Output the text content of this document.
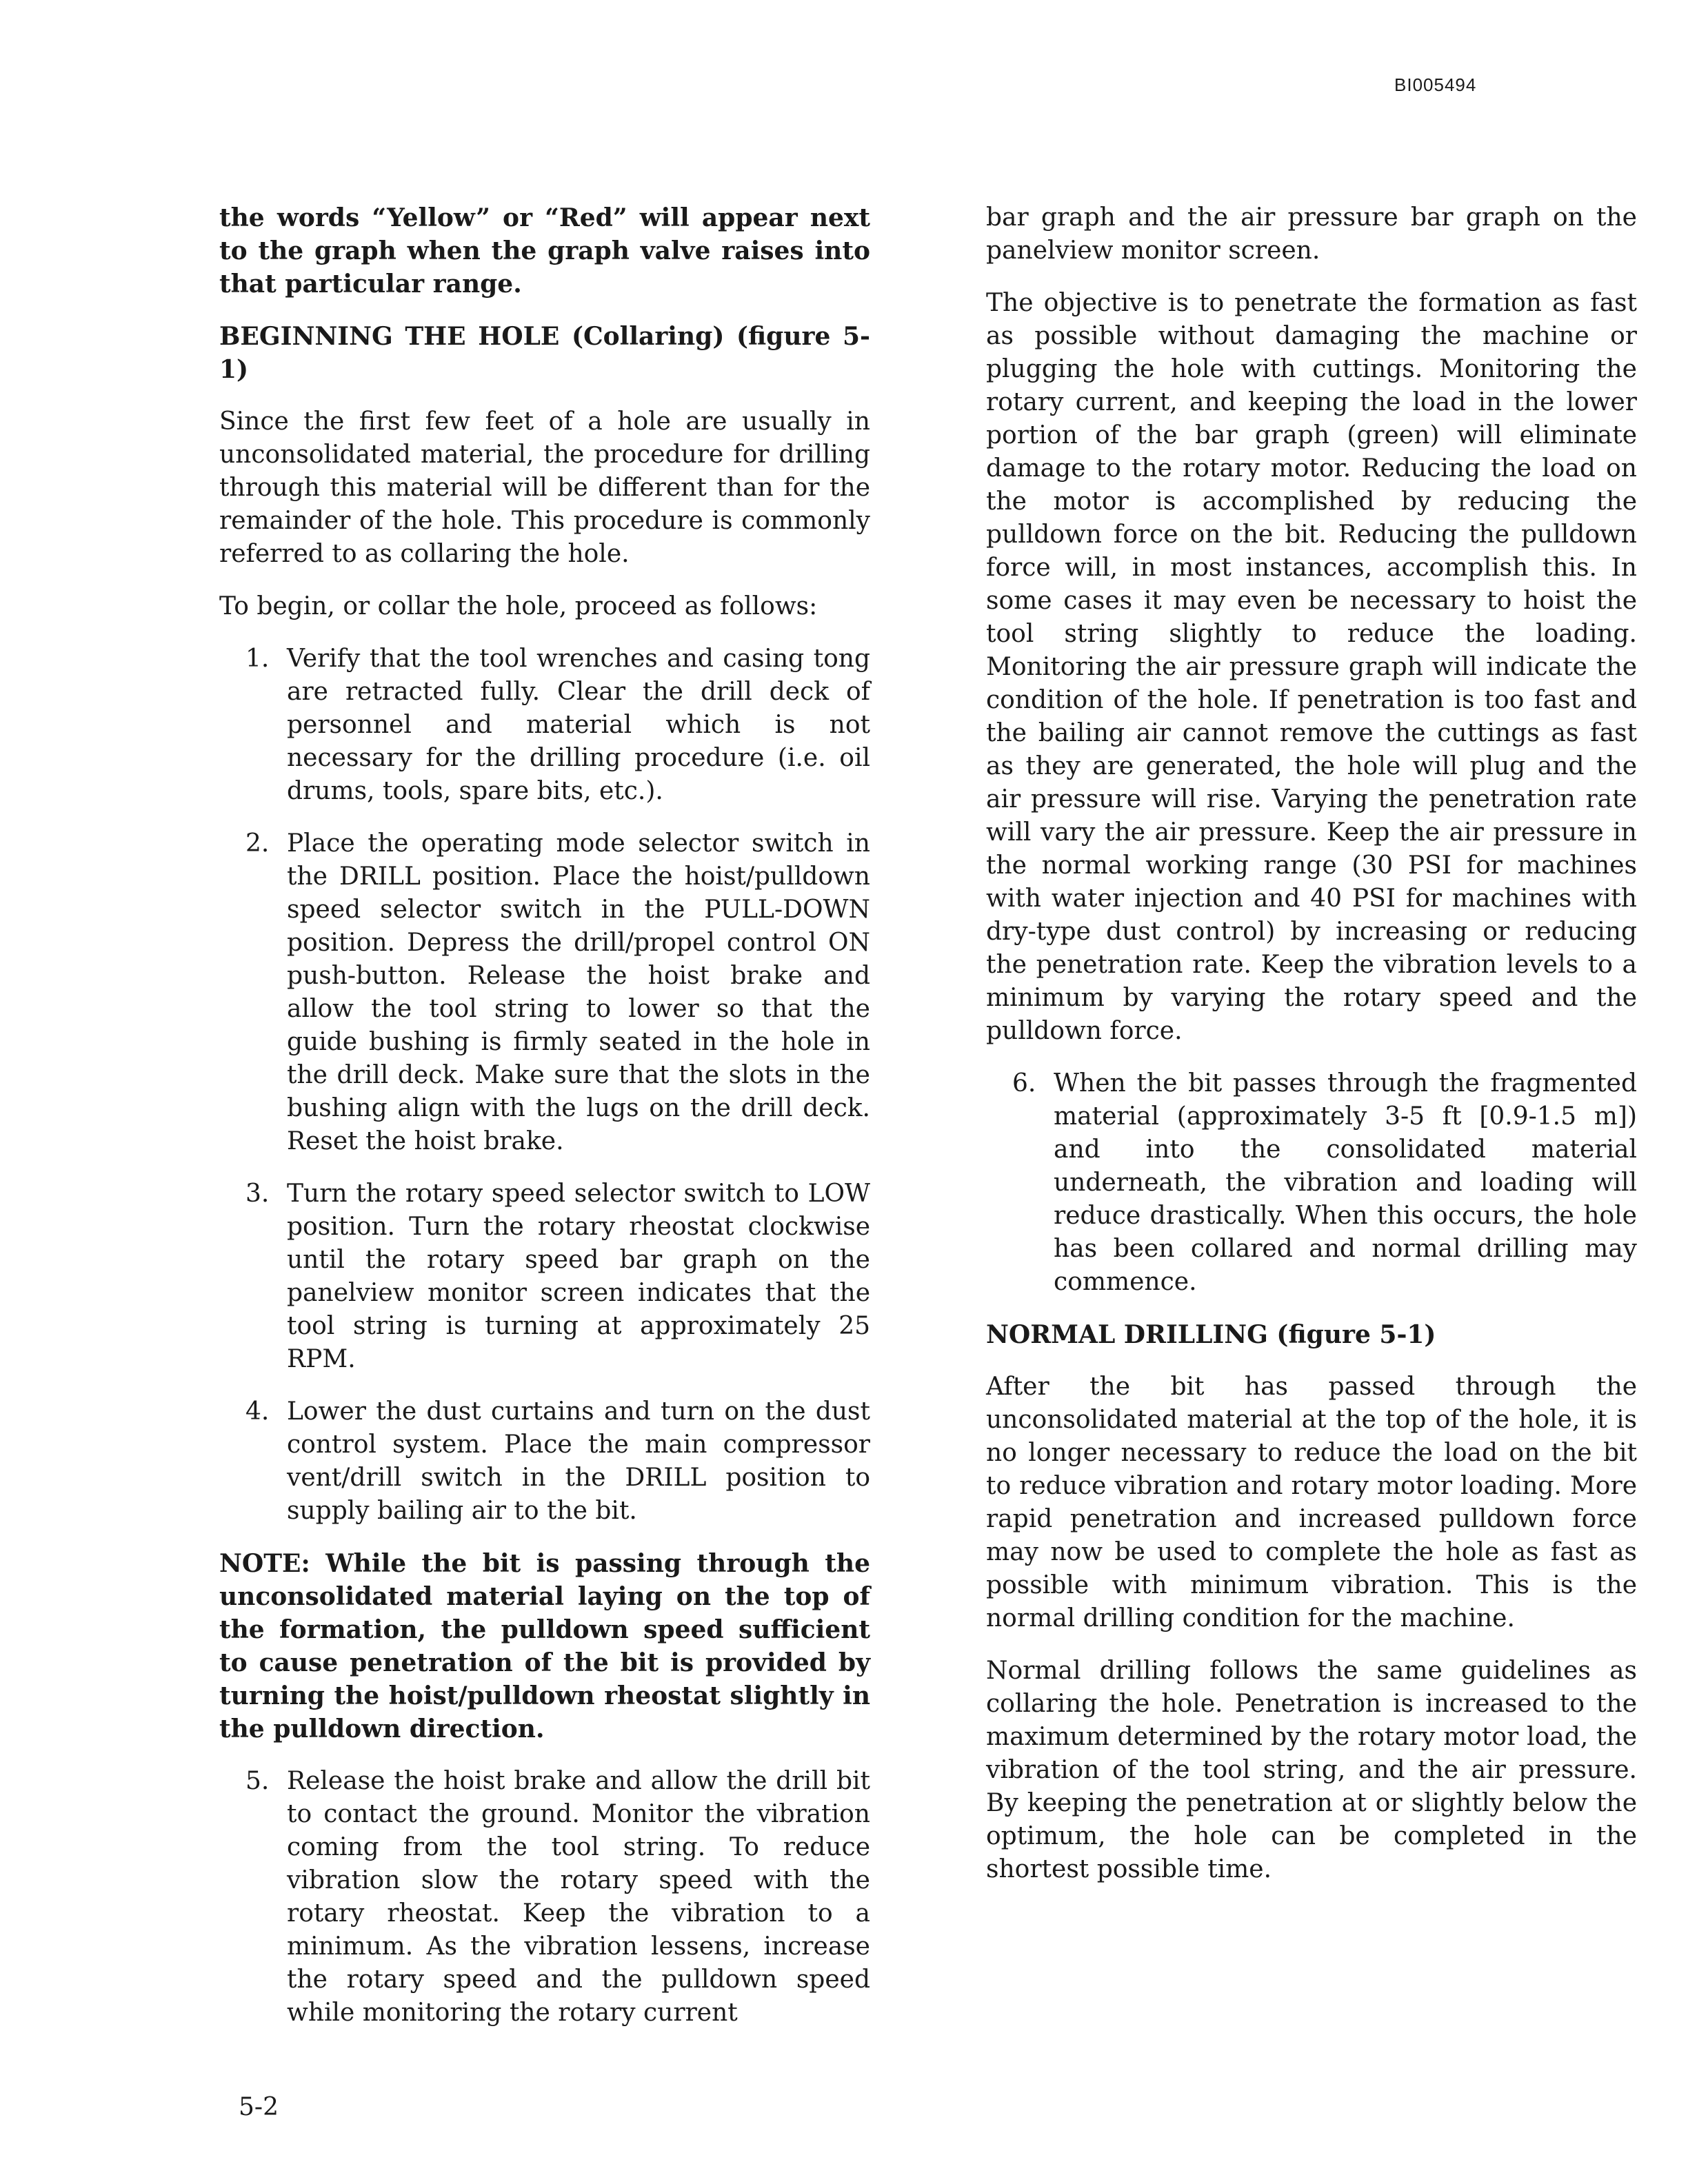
BI005494

the words “Yellow” or “Red” will appear next to the graph when the graph valve raises into that particular range.

BEGINNING THE HOLE (Collaring) (figure 5-1)

Since the first few feet of a hole are usually in unconsolidated material, the procedure for drilling through this material will be different than for the remainder of the hole. This procedure is commonly referred to as collaring the hole.

To begin, or collar the hole, proceed as follows:

1. Verify that the tool wrenches and casing tong are retracted fully. Clear the drill deck of personnel and material which is not necessary for the drilling procedure (i.e. oil drums, tools, spare bits, etc.).
2. Place the operating mode selector switch in the DRILL position. Place the hoist/pulldown speed selector switch in the PULL-DOWN position. Depress the drill/propel control ON push-button. Release the hoist brake and allow the tool string to lower so that the guide bushing is firmly seated in the hole in the drill deck. Make sure that the slots in the bushing align with the lugs on the drill deck. Reset the hoist brake.
3. Turn the rotary speed selector switch to LOW position. Turn the rotary rheostat clockwise until the rotary speed bar graph on the panelview monitor screen indicates that the tool string is turning at approximately 25 RPM.
4. Lower the dust curtains and turn on the dust control system. Place the main compressor vent/drill switch in the DRILL position to supply bailing air to the bit.

NOTE: While the bit is passing through the unconsolidated material laying on the top of the formation, the pulldown speed sufficient to cause penetration of the bit is provided by turning the hoist/pulldown rheostat slightly in the pulldown direction.

5. Release the hoist brake and allow the drill bit to contact the ground. Monitor the vibration coming from the tool string. To reduce vibration slow the rotary speed with the rotary rheostat. Keep the vibration to a minimum. As the vibration lessens, increase the rotary speed and the pulldown speed while monitoring the rotary current

bar graph and the air pressure bar graph on the panelview monitor screen.

The objective is to penetrate the formation as fast as possible without damaging the machine or plugging the hole with cuttings. Monitoring the rotary current, and keeping the load in the lower portion of the bar graph (green) will eliminate damage to the rotary motor. Reducing the load on the motor is accomplished by reducing the pulldown force on the bit. Reducing the pulldown force will, in most instances, accomplish this. In some cases it may even be necessary to hoist the tool string slightly to reduce the loading. Monitoring the air pressure graph will indicate the condition of the hole. If penetration is too fast and the bailing air cannot remove the cuttings as fast as they are generated, the hole will plug and the air pressure will rise. Varying the penetration rate will vary the air pressure. Keep the air pressure in the normal working range (30 PSI for machines with water injection and 40 PSI for machines with dry-type dust control) by increasing or reducing the penetration rate. Keep the vibration levels to a minimum by varying the rotary speed and the pulldown force.

6. When the bit passes through the fragmented material (approximately 3-5 ft [0.9-1.5 m]) and into the consolidated material underneath, the vibration and loading will reduce drastically. When this occurs, the hole has been collared and normal drilling may commence.

NORMAL DRILLING (figure 5-1)

After the bit has passed through the unconsolidated material at the top of the hole, it is no longer necessary to reduce the load on the bit to reduce vibration and rotary motor loading. More rapid penetration and increased pulldown force may now be used to complete the hole as fast as possible with minimum vibration. This is the normal drilling condition for the machine.

Normal drilling follows the same guidelines as collaring the hole. Penetration is increased to the maximum determined by the rotary motor load, the vibration of the tool string, and the air pressure. By keeping the penetration at or slightly below the optimum, the hole can be completed in the shortest possible time.

5-2
